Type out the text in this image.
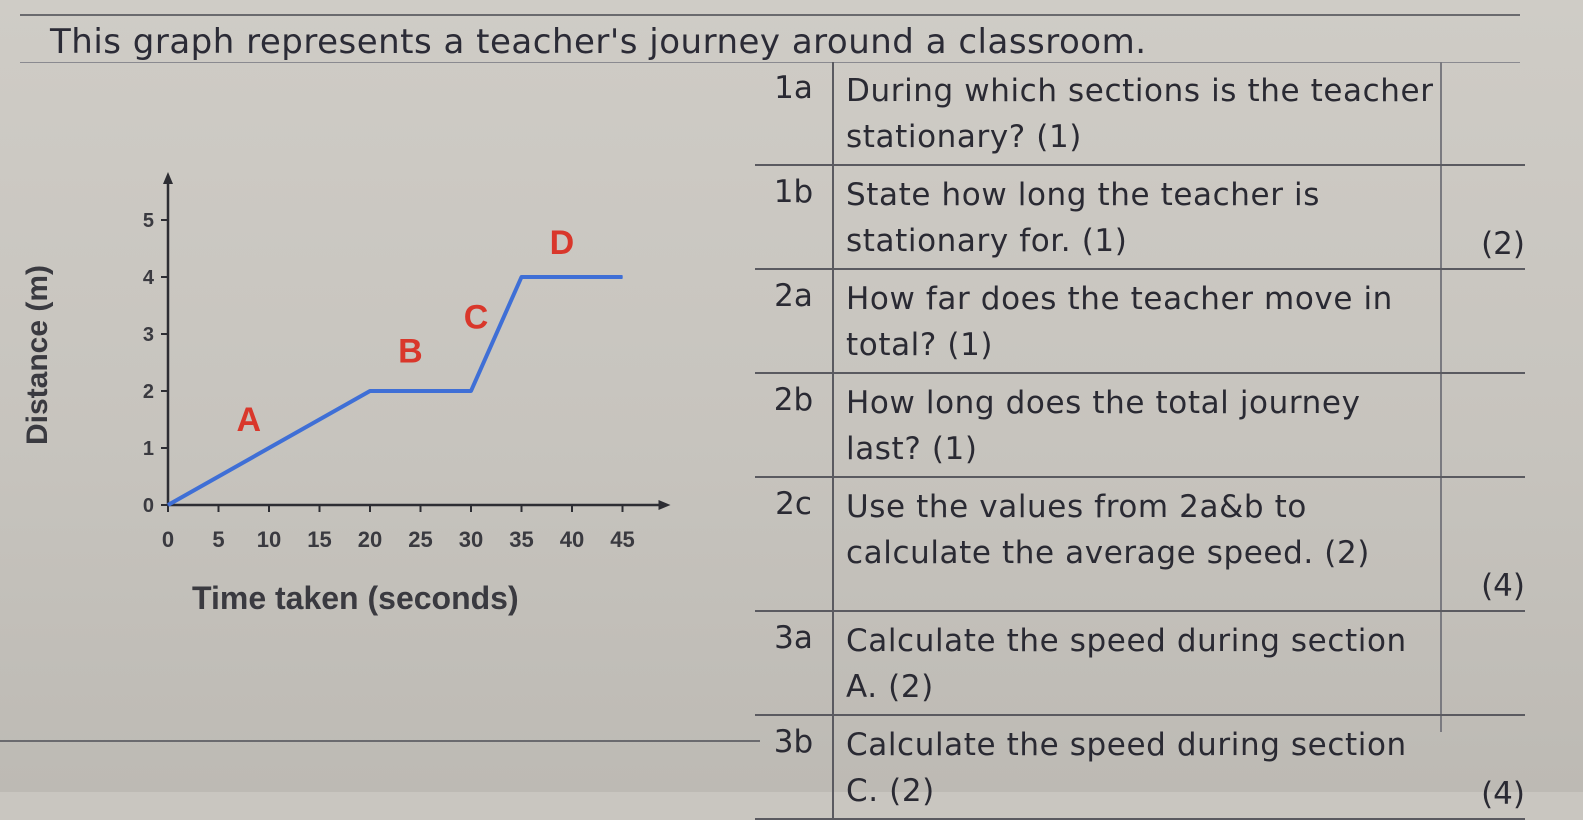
This graph represents a teacher's journey around a classroom.
0 5 10 15 20 25 30 35 40 45
0
1
2
3
4
5
A
B
C
D
Distance (m)
Time taken (seconds)
1a	During which sections is the teacher stationary? (1)	
1b	State how long the teacher is stationary for. (1)	(2)
2a	How far does the teacher move in total? (1)	
2b	How long does the total journey last? (1)	
2c	Use the values from 2a&b to calculate the average speed. (2)	(4)
3a	Calculate the speed during section A. (2)	
3b	Calculate the speed during section C. (2)	(4)
